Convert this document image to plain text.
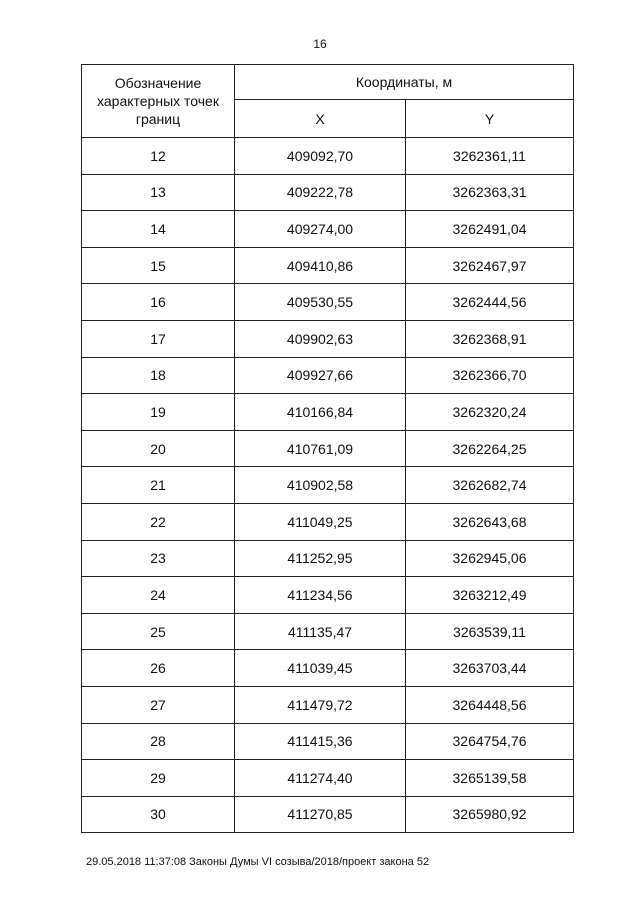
16
Обозначение характерных точек границ	Координаты, м	
	X	Y
12	409092,70	3262361,11
13	409222,78	3262363,31
14	409274,00	3262491,04
15	409410,86	3262467,97
16	409530,55	3262444,56
17	409902,63	3262368,91
18	409927,66	3262366,70
19	410166,84	3262320,24
20	410761,09	3262264,25
21	410902,58	3262682,74
22	411049,25	3262643,68
23	411252,95	3262945,06
24	411234,56	3263212,49
25	411135,47	3263539,11
26	411039,45	3263703,44
27	411479,72	3264448,56
28	411415,36	3264754,76
29	411274,40	3265139,58
30	411270,85	3265980,92
29.05.2018 11:37:08 Законы Думы VI созыва/2018/проект закона 52
